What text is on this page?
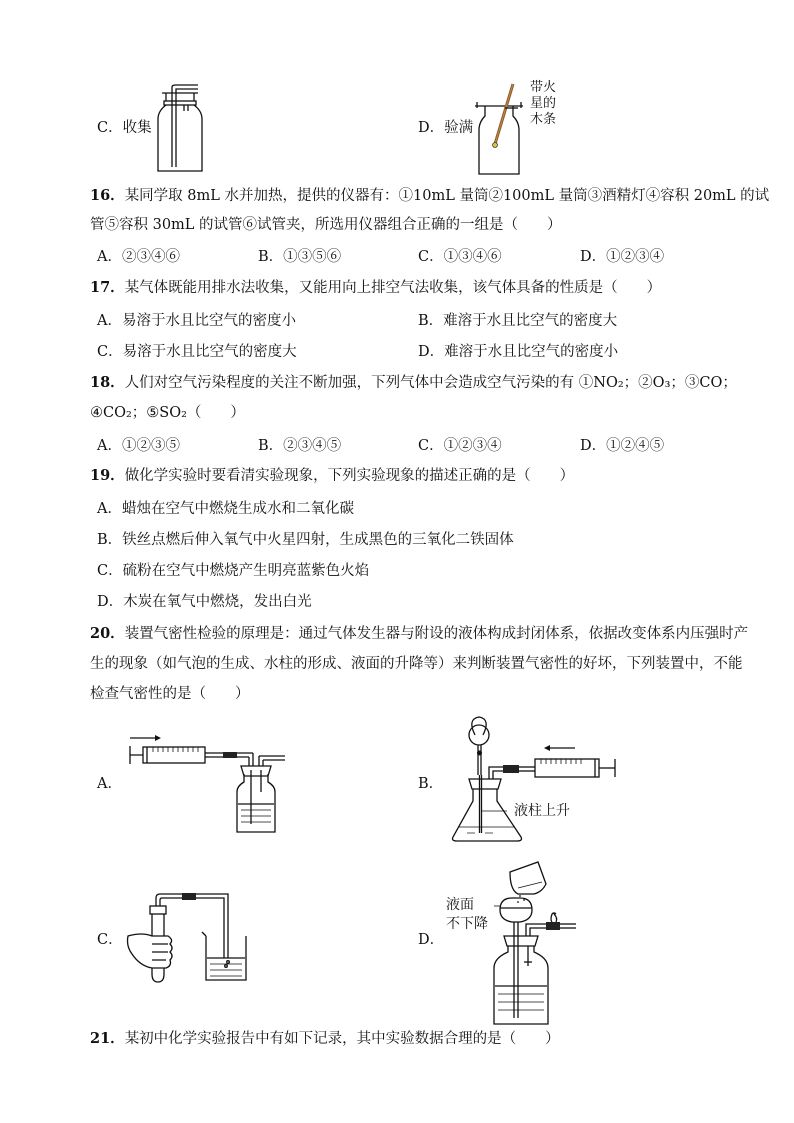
C．收集	D．验满
带火
星的
木条
16．某同学取 8mL 水并加热，提供的仪器有：①10mL 量筒②100mL 量筒③酒精灯④容积 20mL 的试
管⑤容积 30mL 的试管⑥试管夹，所选用仪器组合正确的一组是（　　）
A．②③④⑥	B．①③⑤⑥	C．①③④⑥	D．①②③④
17．某气体既能用排水法收集，又能用向上排空气法收集，该气体具备的性质是（　　）
A．易溶于水且比空气的密度小	B．难溶于水且比空气的密度大
C．易溶于水且比空气的密度大	D．难溶于水且比空气的密度小
18．人们对空气污染程度的关注不断加强，下列气体中会造成空气污染的有 ①NO₂；②O₃；③CO；
④CO₂；⑤SO₂（　　）
A．①②③⑤	B．②③④⑤	C．①②③④	D．①②④⑤
19．做化学实验时要看清实验现象，下列实验现象的描述正确的是（　　）
A．蜡烛在空气中燃烧生成水和二氧化碳
B．铁丝点燃后伸入氧气中火星四射，生成黑色的三氧化二铁固体
C．硫粉在空气中燃烧产生明亮蓝紫色火焰
D．木炭在氧气中燃烧，发出白光
20．装置气密性检验的原理是：通过气体发生器与附设的液体构成封闭体系，依据改变体系内压强时产
生的现象（如气泡的生成、水柱的形成、液面的升降等）来判断装置气密性的好坏，下列装置中，不能
检查气密性的是（　　）
A．	B．
液柱上升
C．	D．
液面
不下降
21．某初中化学实验报告中有如下记录，其中实验数据合理的是（　　）
